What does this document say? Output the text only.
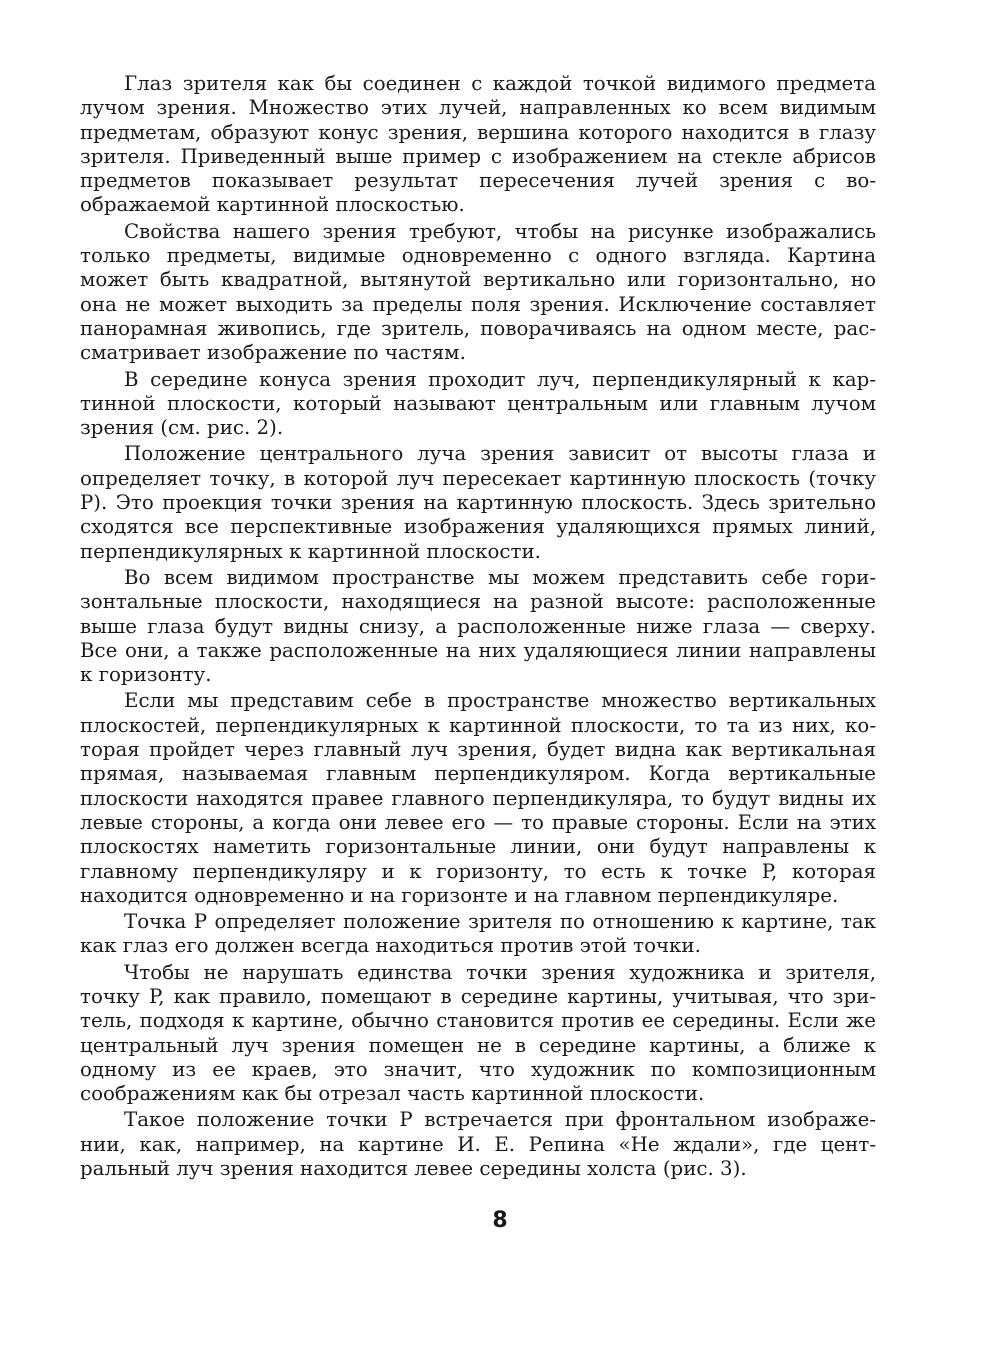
Глаз зрителя как бы соединен с каждой точкой видимого предмета лучом зрения. Множество этих лучей, направленных ко всем видимым предметам, образуют конус зрения, вершина которого находится в глазу зрителя. Приведенный выше пример с изображением на стекле абрисов предметов показывает результат пересечения лучей зрения с воображаемой картинной плоскостью.

Свойства нашего зрения требуют, чтобы на рисунке изображались только предметы, видимые одновременно с одного взгляда. Картина может быть квадратной, вытянутой вертикально или горизонтально, но она не может выходить за пределы поля зрения. Исключение составляет панорамная живопись, где зритель, поворачиваясь на одном месте, рассматривает изображение по частям.

В середине конуса зрения проходит луч, перпендикулярный к картинной плоскости, который называют центральным или главным лучом зрения (см. рис. 2).

Положение центрального луча зрения зависит от высоты глаза и определяет точку, в которой луч пересекает картинную плоскость (точку P). Это проекция точки зрения на картинную плоскость. Здесь зрительно сходятся все перспективные изображения удаляющихся прямых линий, перпендикулярных к картинной плоскости.

Во всем видимом пространстве мы можем представить себе горизонтальные плоскости, находящиеся на разной высоте: расположенные выше глаза будут видны снизу, а расположенные ниже глаза — сверху. Все они, а также расположенные на них удаляющиеся линии направлены к горизонту.

Если мы представим себе в пространстве множество вертикальных плоскостей, перпендикулярных к картинной плоскости, то та из них, которая пройдет через главный луч зрения, будет видна как вертикальная прямая, называемая главным перпендикуляром. Когда вертикальные плоскости находятся правее главного перпендикуляра, то будут видны их левые стороны, а когда они левее его — то правые стороны. Если на этих плоскостях наметить горизонтальные линии, они будут направлены к главному перпендикуляру и к горизонту, то есть к точке P, которая находится одновременно и на горизонте и на главном перпендикуляре.

Точка P определяет положение зрителя по отношению к картине, так как глаз его должен всегда находиться против этой точки.

Чтобы не нарушать единства точки зрения художника и зрителя, точку P, как правило, помещают в середине картины, учитывая, что зритель, подходя к картине, обычно становится против ее середины. Если же центральный луч зрения помещен не в середине картины, а ближе к одному из ее краев, это значит, что художник по композиционным соображениям как бы отрезал часть картинной плоскости.

Такое положение точки P встречается при фронтальном изображении, как, например, на картине И. Е. Репина «Не ждали», где центральный луч зрения находится левее середины холста (рис. 3).

8
